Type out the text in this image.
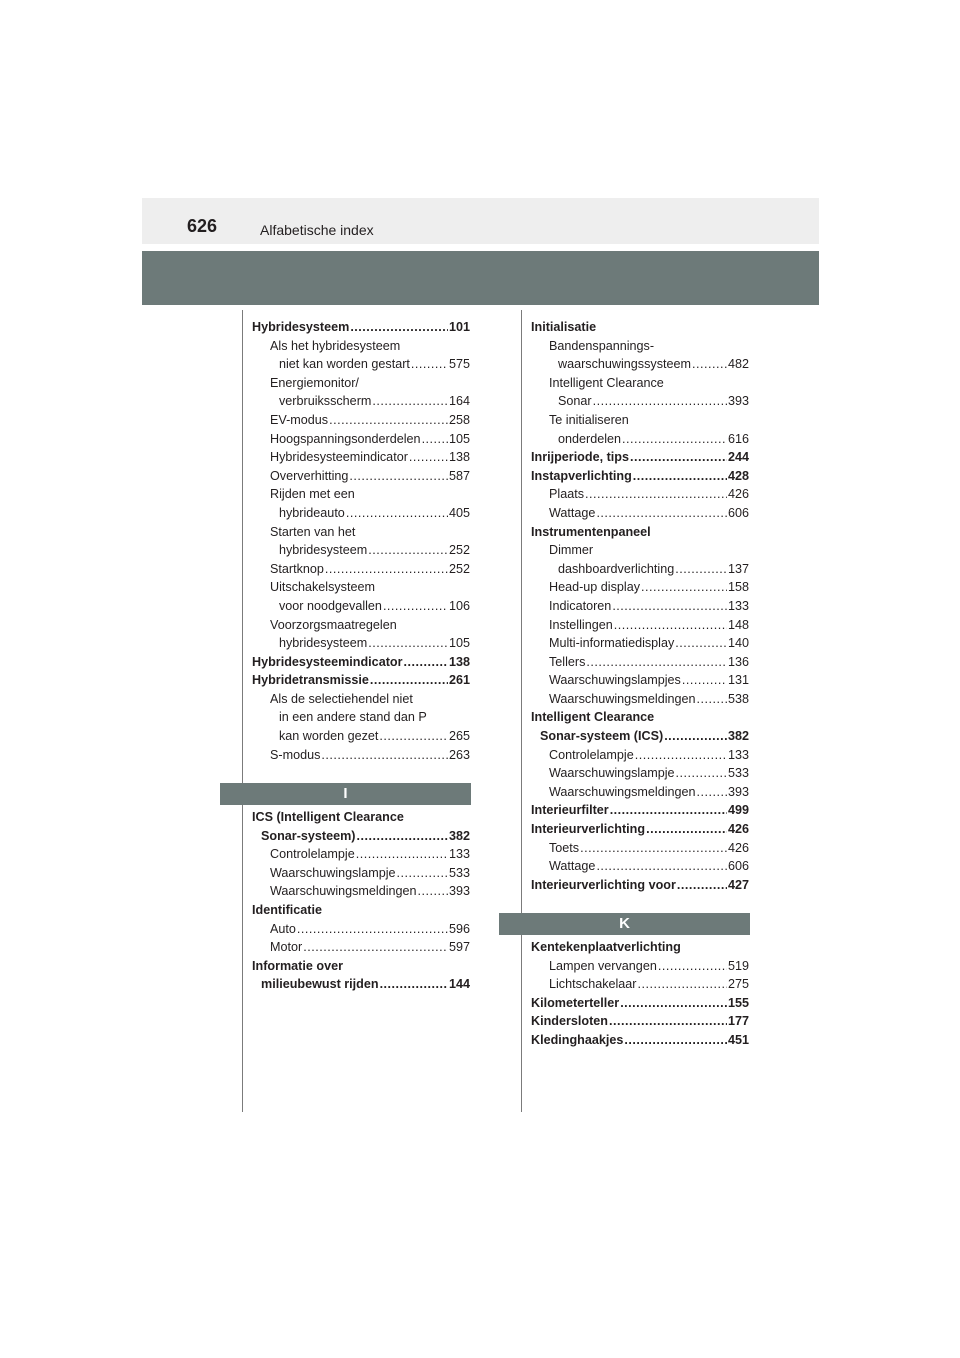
626	Alfabetische index
Hybridesysteem .....	101
Als het hybridesysteem
niet kan worden gestart .....	575
Energiemonitor/
verbruiksscherm .....	164
EV-modus .....	258
Hoogspanningsonderdelen ..... 105
Hybridesysteemindicator .....	138
Oververhitting .....	587
Rijden met een
hybrideauto .....	405
Starten van het
hybridesysteem .....	252
Startknop .....	252
Uitschakelsysteem
voor noodgevallen .....	106
Voorzorgsmaatregelen
hybridesysteem .....	105
Hybridesysteemindicator .....	138
Hybridetransmissie .....	261
Als de selectiehendel niet
in een andere stand dan P
kan worden gezet .....	265
S-modus .....	263
I
ICS (Intelligent Clearance
Sonar-systeem) .....	382
Controlelampje .....	133
Waarschuwingslampje .....	533
Waarschuwingsmeldingen .....	393
Identificatie
Auto .....	596
Motor .....	597
Informatie over
milieubewust rijden .....	144
Initialisatie
Bandenspannings-
waarschuwingssysteem .....	482
Intelligent Clearance
Sonar .....	393
Te initialiseren
onderdelen .....	616
Inrijperiode, tips .....	244
Instapverlichting .....	428
Plaats .....	426
Wattage .....	606
Instrumentenpaneel
Dimmer
dashboardverlichting .....	137
Head-up display .....	158
Indicatoren .....	133
Instellingen .....	148
Multi-informatiedisplay .....	140
Tellers .....	136
Waarschuwingslampjes .....	131
Waarschuwingsmeldingen .....	538
Intelligent Clearance
Sonar-systeem (ICS) .....	382
Controlelampje .....	133
Waarschuwingslampje .....	533
Waarschuwingsmeldingen .....	393
Interieurfilter .....	499
Interieurverlichting .....	426
Toets .....	426
Wattage .....	606
Interieurverlichting voor .....	427
K
Kentekenplaatverlichting
Lampen vervangen .....	519
Lichtschakelaar .....	275
Kilometerteller .....	155
Kindersloten .....	177
Kledinghaakjes .....	451
